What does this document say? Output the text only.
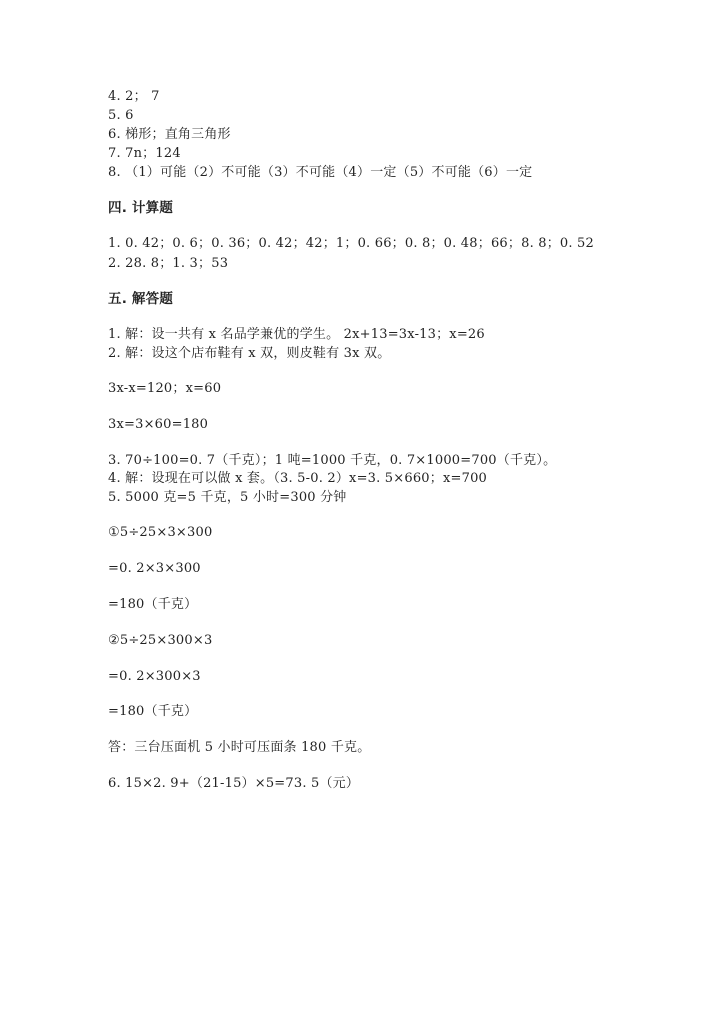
4. 2； 7
5. 6
6. 梯形；直角三角形
7. 7n；124
8. （1）可能（2）不可能（3）不可能（4）一定（5）不可能（6）一定
四. 计算题
1. 0. 42；0. 6；0. 36；0. 42；42；1；0. 66；0. 8；0. 48；66；8. 8；0. 52
2. 28. 8；1. 3；53
五. 解答题
1. 解：设一共有 x 名品学兼优的学生。 2x+13=3x-13；x=26
2. 解：设这个店布鞋有 x 双，则皮鞋有 3x 双。
3x-x=120；x=60
3x=3×60=180
3. 70÷100=0. 7（千克）；1 吨=1000 千克，0. 7×1000=700（千克）。
4. 解：设现在可以做 x 套。（3. 5-0. 2）x=3. 5×660；x=700
5. 5000 克=5 千克，5 小时=300 分钟
①5÷25×3×300
=0. 2×3×300
=180（千克）
②5÷25×300×3
=0. 2×300×3
=180（千克）
答：三台压面机 5 小时可压面条 180 千克。
6. 15×2. 9+（21-15）×5=73. 5（元）
